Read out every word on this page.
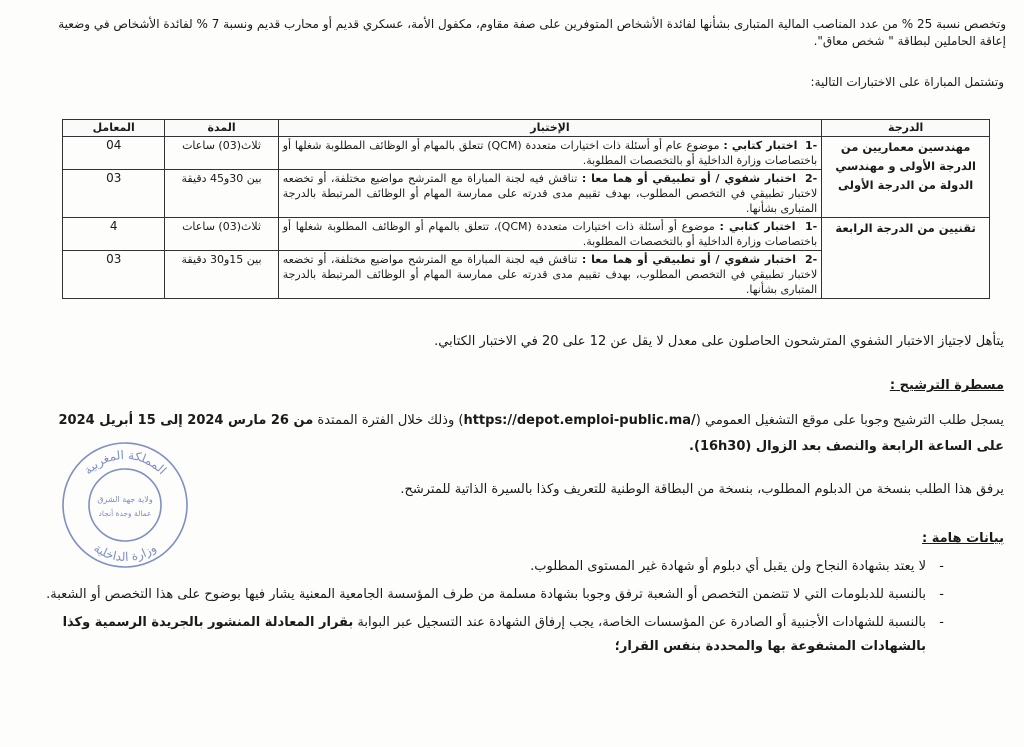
وتخصص نسبة 25 % من عدد المناصب المالية المتبارى بشأنها لفائدة الأشخاص المتوفرين على صفة مقاوم، مكفول الأمة، عسكري قديم أو محارب قديم ونسبة 7 % لفائدة الأشخاص في وضعية إعاقة الحاملين لبطاقة " شخص معاق".
وتشتمل المباراة على الاختبارات التالية:
الدرجة	الإختبار	المدة	المعامل
مهندسين معماريين من الدرجة الأولى و مهندسي الدولة من الدرجة الأولى	-1  اختبار كتابي : موضوع عام أو أسئلة ذات اختيارات متعددة (QCM) تتعلق بالمهام أو الوظائف المطلوبة شغلها أو باختصاصات وزارة الداخلية أو بالتخصصات المطلوبة.	ثلاث(03) ساعات	04
	-2  اختبار شفوي / أو تطبيقي أو هما معا : تناقش فيه لجنة المباراة مع المترشح مواضيع مختلفة، أو تخضعه لاختبار تطبيقي في التخصص المطلوب، بهدف تقييم مدى قدرته على ممارسة المهام أو الوظائف المرتبطة بالدرجة المتبارى بشأنها.	بين 30و45 دقيقة	03
تقنيين من الدرجة الرابعة	-1  اختبار كتابي : موضوع أو أسئلة ذات اختيارات متعددة (QCM)، تتعلق بالمهام أو الوظائف المطلوبة شغلها أو باختصاصات وزارة الداخلية أو بالتخصصات المطلوبة.	ثلاث(03) ساعات	4
	-2  اختبار شفوي / أو تطبيقي أو هما معا : تناقش فيه لجنة المباراة مع المترشح مواضيع مختلفة، أو تخضعه لاختبار تطبيقي في التخصص المطلوب، بهدف تقييم مدى قدرته على ممارسة المهام أو الوظائف المرتبطة بالدرجة المتبارى بشأنها.	بين 15و30 دقيقة	03
يتأهل لاجتياز الاختبار الشفوي المترشحون الحاصلون على معدل لا يقل عن 12 على 20 في الاختبار الكتابي.
مسطرة الترشيح :
يسجل طلب الترشيح وجوبا على موقع التشغيل العمومي (https://depot.emploi-public.ma/) وذلك خلال الفترة الممتدة من 26 مارس 2024 إلى 15 أبريل 2024 على الساعة الرابعة والنصف بعد الزوال (16h30).
يرفق هذا الطلب بنسخة من الدبلوم المطلوب، بنسخة من البطاقة الوطنية للتعريف وكذا بالسيرة الذاتية للمترشح.
بيانات هامة :
- لا يعتد بشهادة النجاح ولن يقبل أي دبلوم أو شهادة غير المستوى المطلوب.
- بالنسبة للدبلومات التي لا تتضمن التخصص أو الشعبة ترفق وجوبا بشهادة مسلمة من طرف المؤسسة الجامعية المعنية يشار فيها بوضوح على هذا التخصص أو الشعبة.
- بالنسبة للشهادات الأجنبية أو الصادرة عن المؤسسات الخاصة، يجب إرفاق الشهادة عند التسجيل عبر البوابة بقرار المعادلة المنشور بالجريدة الرسمية وكذا بالشهادات المشفوعة بها والمحددة بنفس القرار؛
المملكة المغربية
وزارة الداخلية
ولاية جهة الشرق
عمالة وجدة أنجاد
